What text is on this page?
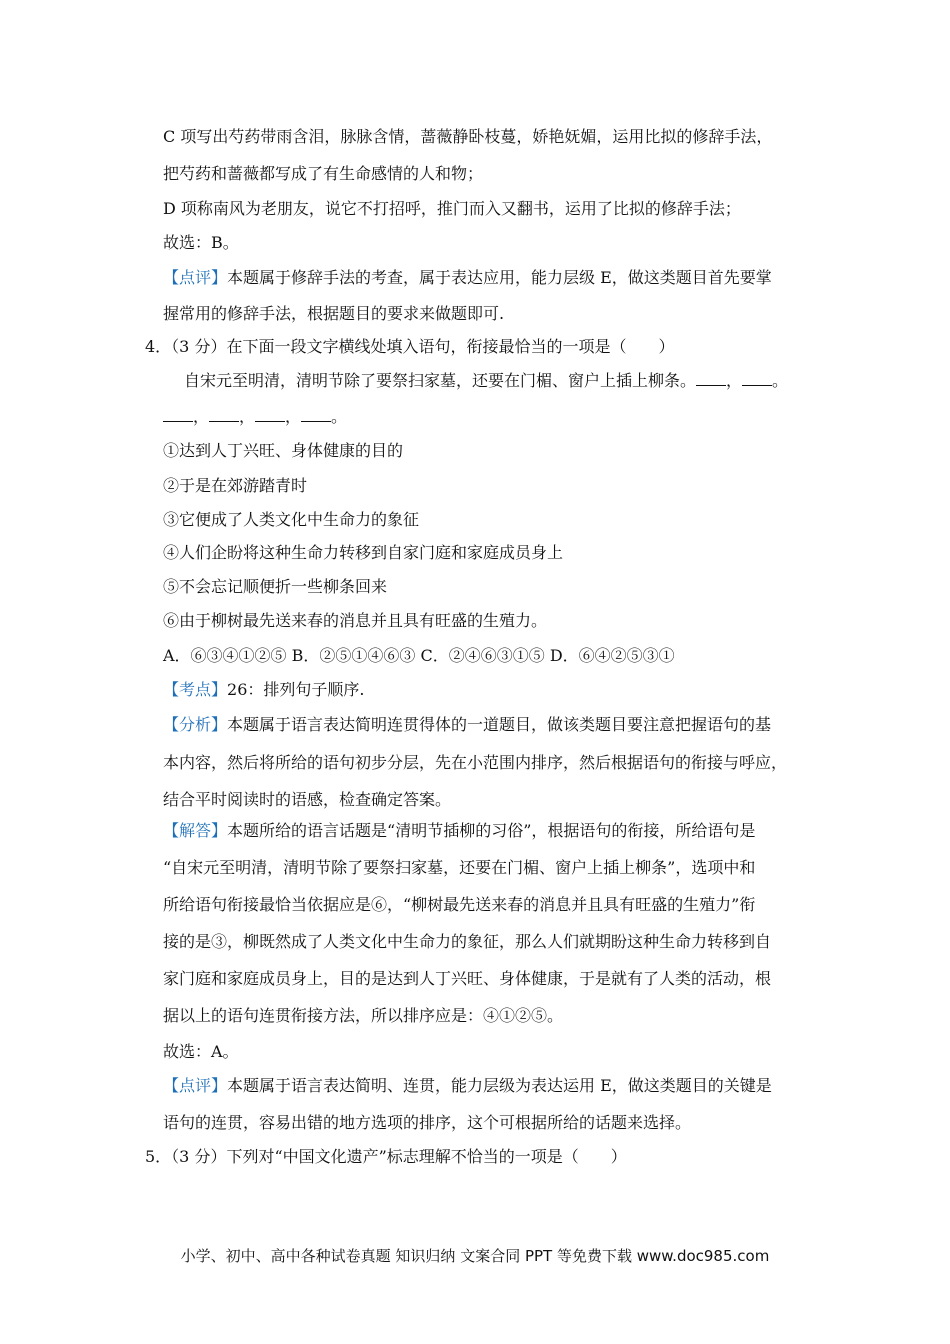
C 项写出芍药带雨含泪，脉脉含情，蔷薇静卧枝蔓，娇艳妩媚，运用比拟的修辞手法，
把芍药和蔷薇都写成了有生命感情的人和物；
D 项称南风为老朋友，说它不打招呼，推门而入又翻书，运用了比拟的修辞手法；
故选：B。
【点评】本题属于修辞手法的考查，属于表达应用，能力层级 E，做这类题目首先要掌
握常用的修辞手法，根据题目的要求来做题即可.
4．（3 分）在下面一段文字横线处填入语句，衔接最恰当的一项是（　　）
自宋元至明清，清明节除了要祭扫家墓，还要在门楣、窗户上插上柳条。 ， 。
， ， ， 。
①达到人丁兴旺、身体健康的目的
②于是在郊游踏青时
③它便成了人类文化中生命力的象征
④人们企盼将这种生命力转移到自家门庭和家庭成员身上
⑤不会忘记顺便折一些柳条回来
⑥由于柳树最先送来春的消息并且具有旺盛的生殖力。
A．⑥③④①②⑤ B．②⑤①④⑥③ C．②④⑥③①⑤ D．⑥④②⑤③①
【考点】26：排列句子顺序.
【分析】本题属于语言表达简明连贯得体的一道题目，做该类题目要注意把握语句的基
本内容，然后将所给的语句初步分层，先在小范围内排序，然后根据语句的衔接与呼应，
结合平时阅读时的语感，检查确定答案。
【解答】本题所给的语言话题是“清明节插柳的习俗”，根据语句的衔接，所给语句是
“自宋元至明清，清明节除了要祭扫家墓，还要在门楣、窗户上插上柳条”，选项中和
所给语句衔接最恰当依据应是⑥，“柳树最先送来春的消息并且具有旺盛的生殖力”衔
接的是③，柳既然成了人类文化中生命力的象征，那么人们就期盼这种生命力转移到自
家门庭和家庭成员身上，目的是达到人丁兴旺、身体健康，于是就有了人类的活动，根
据以上的语句连贯衔接方法，所以排序应是：④①②⑤。
故选：A。
【点评】本题属于语言表达简明、连贯，能力层级为表达运用 E，做这类题目的关键是
语句的连贯，容易出错的地方选项的排序，这个可根据所给的话题来选择。
5．（3 分）下列对“中国文化遗产”标志理解不恰当的一项是（　　）
小学、初中、高中各种试卷真题 知识归纳 文案合同 PPT 等免费下载 www.doc985.com
